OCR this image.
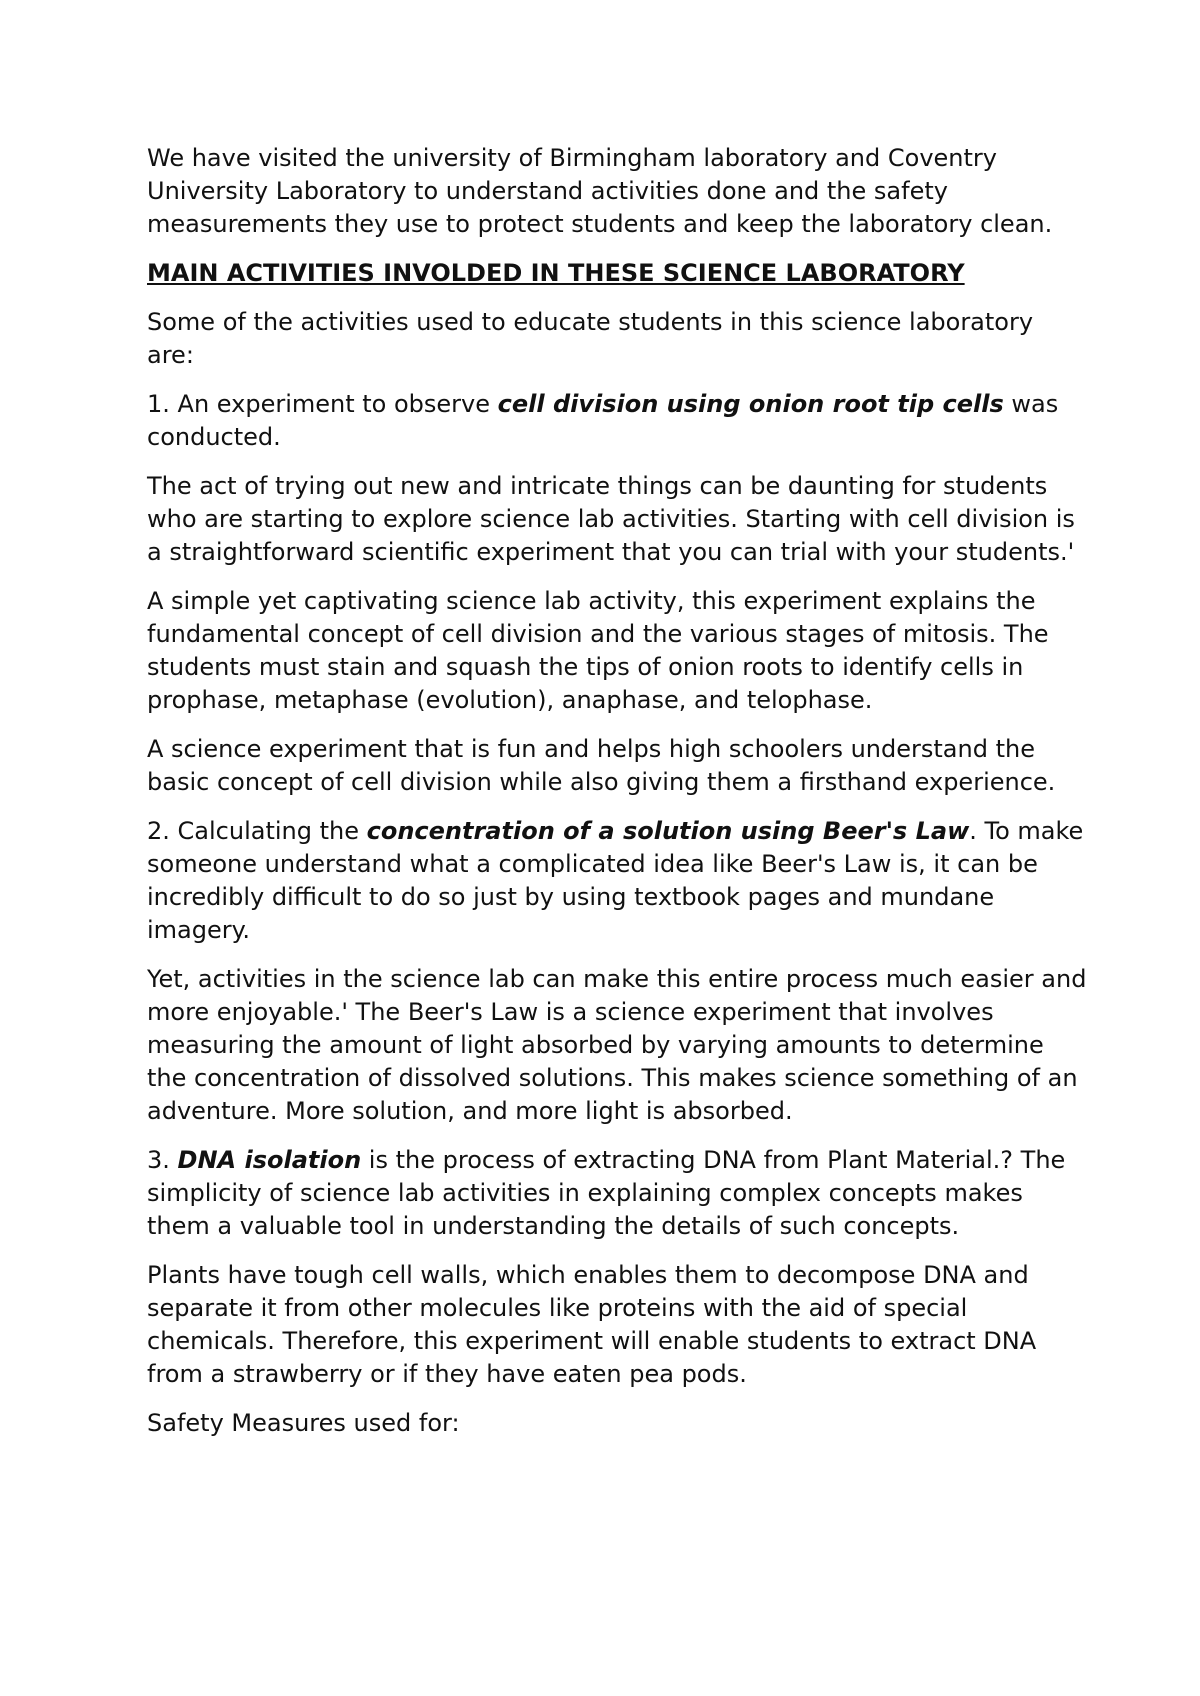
We have visited the university of Birmingham laboratory and Coventry University Laboratory to understand activities done and the safety measurements they use to protect students and keep the laboratory clean.

MAIN ACTIVITIES INVOLDED IN THESE SCIENCE LABORATORY

Some of the activities used to educate students in this science laboratory are:

1. An experiment to observe cell division using onion root tip cells was conducted.

The act of trying out new and intricate things can be daunting for students who are starting to explore science lab activities. Starting with cell division is a straightforward scientific experiment that you can trial with your students.'

A simple yet captivating science lab activity, this experiment explains the fundamental concept of cell division and the various stages of mitosis. The students must stain and squash the tips of onion roots to identify cells in prophase, metaphase (evolution), anaphase, and telophase.

A science experiment that is fun and helps high schoolers understand the basic concept of cell division while also giving them a firsthand experience.

2. Calculating the concentration of a solution using Beer's Law. To make someone understand what a complicated idea like Beer's Law is, it can be incredibly difficult to do so just by using textbook pages and mundane imagery.

Yet, activities in the science lab can make this entire process much easier and more enjoyable.' The Beer's Law is a science experiment that involves measuring the amount of light absorbed by varying amounts to determine the concentration of dissolved solutions. This makes science something of an adventure. More solution, and more light is absorbed.

3. DNA isolation is the process of extracting DNA from Plant Material.? The simplicity of science lab activities in explaining complex concepts makes them a valuable tool in understanding the details of such concepts.

Plants have tough cell walls, which enables them to decompose DNA and separate it from other molecules like proteins with the aid of special chemicals. Therefore, this experiment will enable students to extract DNA from a strawberry or if they have eaten pea pods.

Safety Measures used for:
